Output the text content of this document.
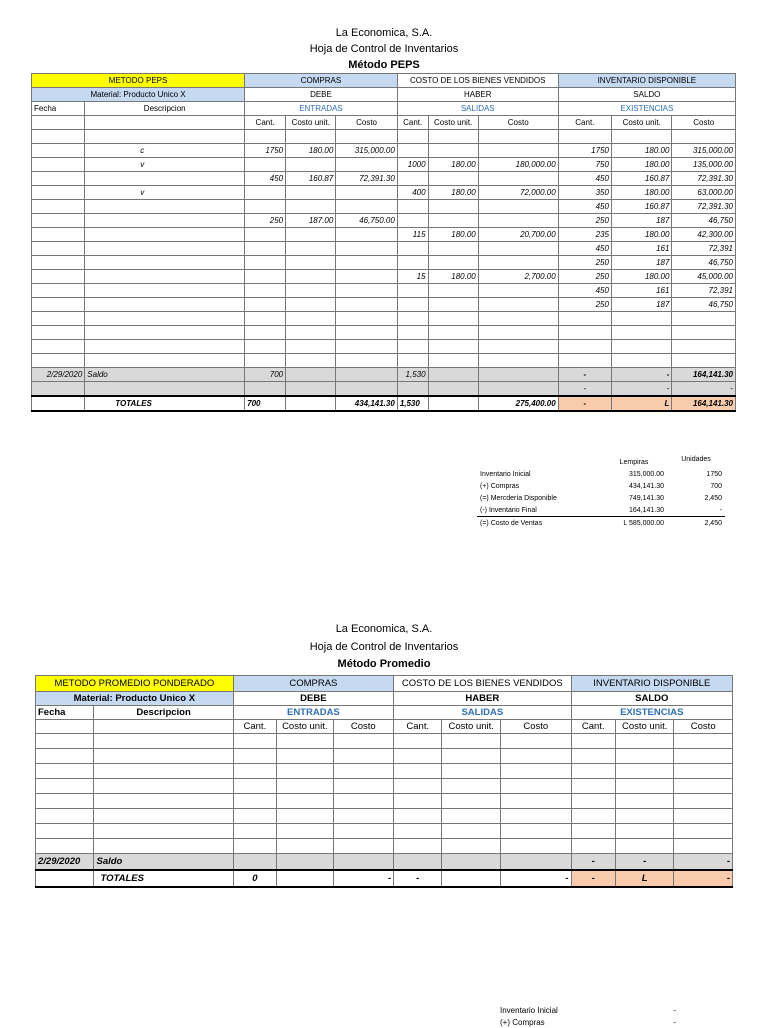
La Economica, S.A.
Hoja de Control de Inventarios
Método PEPS
METODO PEPS		COMPRAS			COSTO DE LOS BIENES VENDIDOS			INVENTARIO DISPONIBLE		
Material: Producto Unico X		DEBE			HABER			SALDO		
Fecha	Descripcion	ENTRADAS			SALIDAS			EXISTENCIAS		
		Cant.	Costo unit.	Costo	Cant.	Costo unit.	Costo	Cant.	Costo unit.	Costo

	c	1750	180.00	315,000.00				1750	180.00	315,000.00
	v				1000	180.00	180,000.00	750	180.00	135,000.00
		450	160.87	72,391.30				450	160.87	72,391.30
	v				400	180.00	72,000.00	350	180.00	63,000.00
								450	160.87	72,391.30
		250	187.00	46,750.00				250	187	46,750
					115	180.00	20,700.00	235	180.00	42,300.00
								450	161	72,391
								250	187	46,750
					15	180.00	2,700.00	250	180.00	45,000.00
								450	161	72,391
								250	187	46,750

2/29/2020	Saldo	700			1,530			-	-	164,141.30
								-	-	-
	TOTALES	700		434,141.30	1,530		275,400.00	-	L	164,141.30
	Lempiras	Unidades
Inventario Inicial	315,000.00	1750
(+) Compras	434,141.30	700
(=) Mercdería Disponible	749,141.30	2,450
(-) Inventario Final	164,141.30	-
(=) Costo de Ventas	L 585,000.00	2,450
La Economica, S.A.
Hoja de Control de Inventarios
Método Promedio
METODO PROMEDIO PONDERADO		COMPRAS			COSTO DE LOS BIENES VENDIDOS			INVENTARIO DISPONIBLE		
Material: Producto Unico X		DEBE			HABER			SALDO		
Fecha	Descripcion	ENTRADAS			SALIDAS			EXISTENCIAS		
		Cant.	Costo unit.	Costo	Cant.	Costo unit.	Costo	Cant.	Costo unit.	Costo

2/29/2020	Saldo							-	-	-
	TOTALES	0		-	-		-	-	L	-
Inventario Inicial	-
(+) Compras	-
